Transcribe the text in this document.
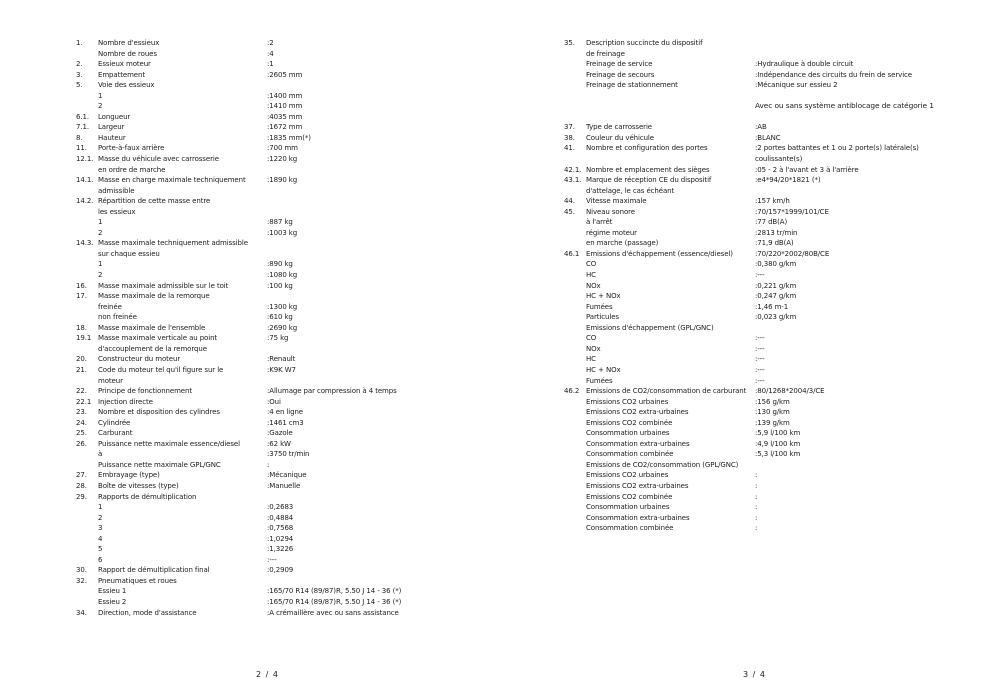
1. Nombre d'essieux	:2
Nombre de roues	:4
2. Essieux moteur	:1
3. Empattement	:2605 mm
5. Voie des essieux
1	:1400 mm
2	:1410 mm
6.1. Longueur	:4035 mm
7.1. Largeur	:1672 mm
8. Hauteur	:1835 mm(*)
11. Porte-à-faux arrière	:700 mm
12.1. Masse du véhicule avec carrosserie	:1220 kg
en ordre de marche
14.1. Masse en charge maximale techniquement	:1890 kg
admissible
14.2. Répartition de cette masse entre
les essieux
1	:887 kg
2	:1003 kg
14.3. Masse maximale techniquement admissible
sur chaque essieu
1	:890 kg
2	:1080 kg
16. Masse maximale admissible sur le toit	:100 kg
17. Masse maximale de la remorque
freinée	:1300 kg
non freinée	:610 kg
18. Masse maximale de l'ensemble	:2690 kg
19.1 Masse maximale verticale au point	:75 kg
d'accouplement de la remorque
20. Constructeur du moteur	:Renault
21. Code du moteur tel qu'il figure sur le	:K9K W7
moteur
22. Principe de fonctionnement	:Allumage par compression à 4 temps
22.1 Injection directe	:Oui
23. Nombre et disposition des cylindres	:4 en ligne
24. Cylindrée	:1461 cm3
25. Carburant	:Gazole
26. Puissance nette maximale essence/diesel	:62 kW
à	:3750 tr/min
Puissance nette maximale GPL/GNC	:
27. Embrayage (type)	:Mécanique
28. Boîte de vitesses (type)	:Manuelle
29. Rapports de démultiplication
1	:0,2683
2	:0,4884
3	:0,7568
4	:1,0294
5	:1,3226
6	:---
30. Rapport de démultiplication final	:0,2909
32. Pneumatiques et roues
Essieu 1	:165/70 R14 (89/87)R, 5.50 J 14 - 36 (*)
Essieu 2	:165/70 R14 (89/87)R, 5.50 J 14 - 36 (*)
34. Direction, mode d'assistance	:A crémaillère avec ou sans assistance
2 / 4
35. Description succincte du dispositif
de freinage
Freinage de service	:Hydraulique à double circuit
Freinage de secours	:Indépendance des circuits du frein de service
Freinage de stationnement	:Mécanique sur essieu 2
Avec ou sans système antiblocage de catégorie 1
37. Type de carrosserie	:AB
38. Couleur du véhicule	:BLANC
41. Nombre et configuration des portes	:2 portes battantes et 1 ou 2 porte(s) latérale(s)
coulissante(s)
42.1. Nombre et emplacement des sièges	:05 - 2 à l'avant et 3 à l'arrière
43.1. Marque de réception CE du dispositif	:e4*94/20*1821 (*)
d'attelage, le cas échéant
44. Vitesse maximale	:157 km/h
45. Niveau sonore	:70/157*1999/101/CE
à l'arrêt	:77 dB(A)
régime moteur	:2813 tr/min
en marche (passage)	:71,9 dB(A)
46.1 Emissions d'échappement (essence/diesel)	:70/220*2002/80B/CE
CO	:0,380 g/km
HC	:---
NOx	:0,221 g/km
HC + NOx	:0,247 g/km
Fumées	:1,46 m-1
Particules	:0,023 g/km
Emissions d'échappement (GPL/GNC)
CO	:---
NOx	:---
HC	:---
HC + NOx	:---
Fumées	:---
46.2 Emissions de CO2/consommation de carburant	:80/1268*2004/3/CE
Emissions CO2 urbaines	:156 g/km
Emissions CO2 extra-urbaines	:130 g/km
Emissions CO2 combinée	:139 g/km
Consommation urbaines	:5,9 l/100 km
Consommation extra-urbaines	:4,9 l/100 km
Consommation combinée	:5,3 l/100 km
Emissions de CO2/consommation (GPL/GNC)
Emissions CO2 urbaines	:
Emissions CO2 extra-urbaines	:
Emissions CO2 combinée	:
Consommation urbaines	:
Consommation extra-urbaines	:
Consommation combinée	:
3 / 4
